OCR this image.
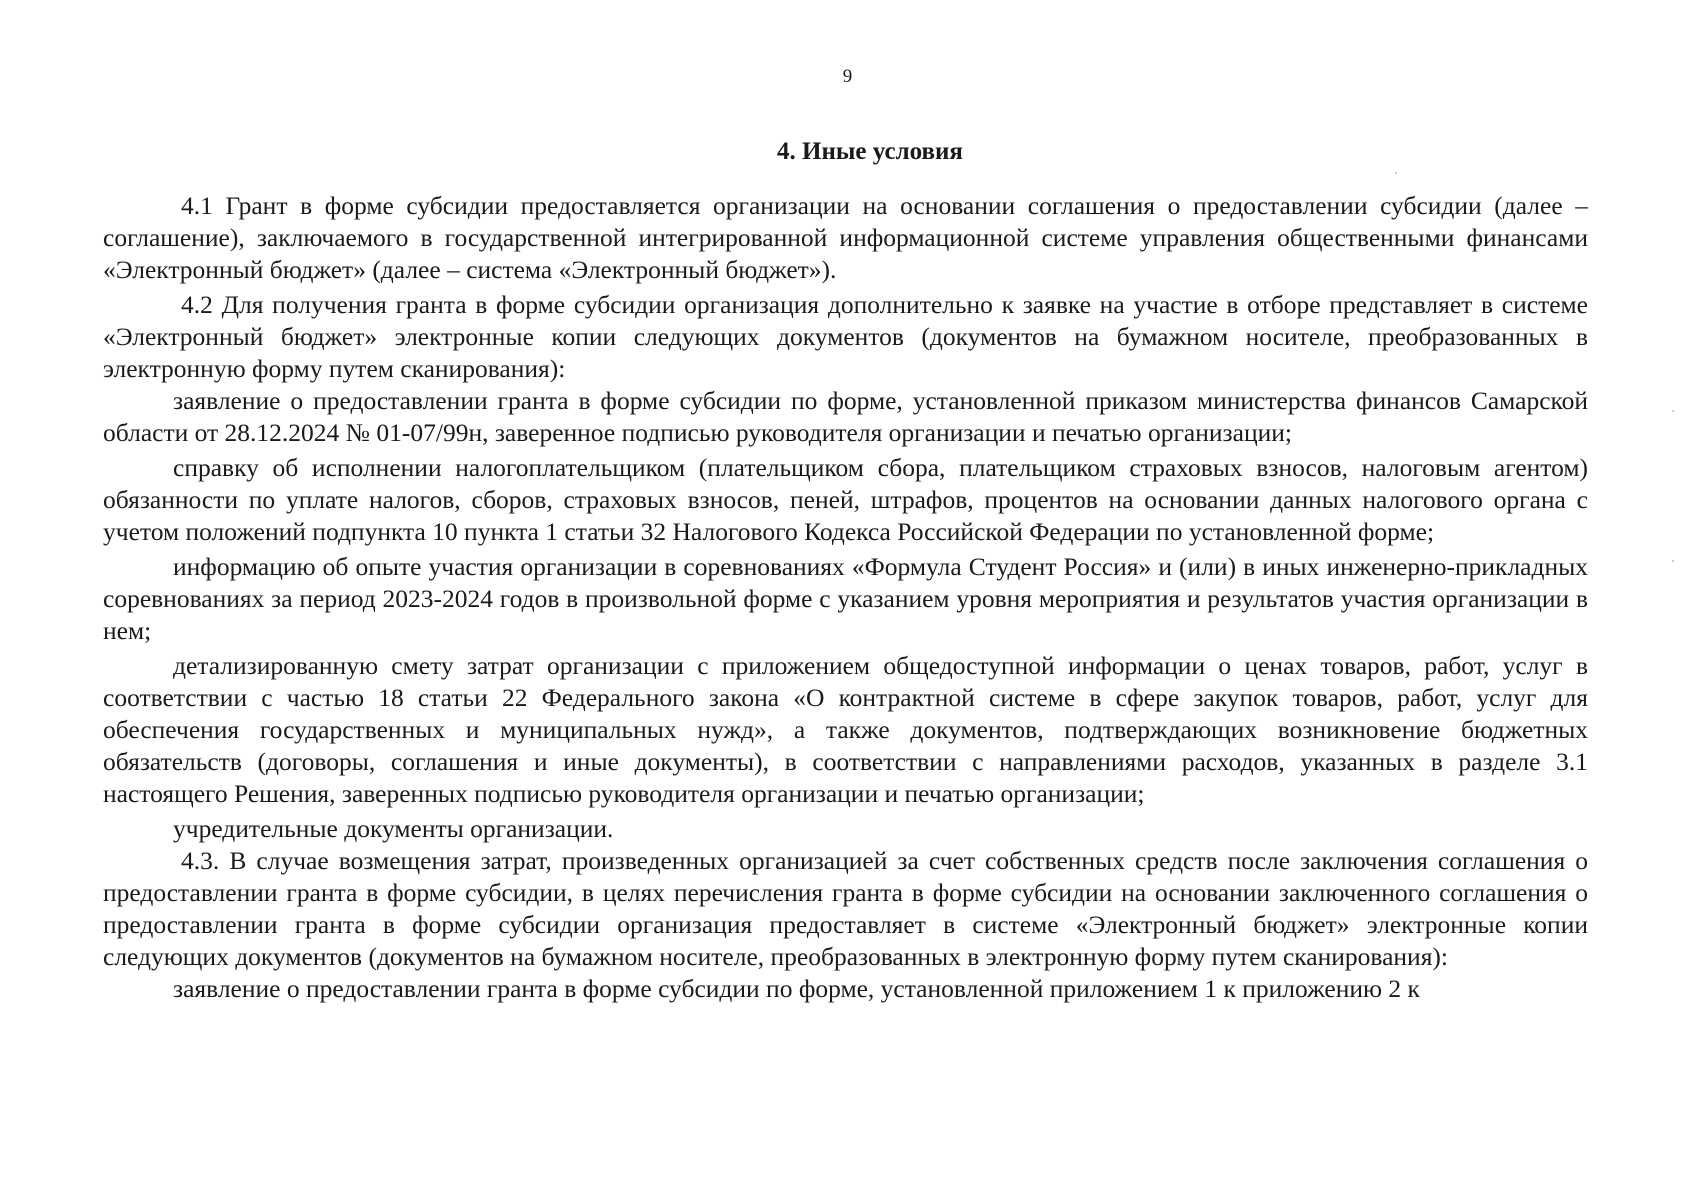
9
4. Иные условия

4.1 Грант в форме субсидии предоставляется организации на основании соглашения о предоставлении субсидии (далее – соглашение), заключаемого в государственной интегрированной информационной системе управления общественными финансами «Электронный бюджет» (далее – система «Электронный бюджет»).

4.2 Для получения гранта в форме субсидии организация дополнительно к заявке на участие в отборе представляет в системе «Электронный бюджет» электронные копии следующих документов (документов на бумажном носителе, преобразованных в электронную форму путем сканирования):

заявление о предоставлении гранта в форме субсидии по форме, установленной приказом министерства финансов Самарской области от 28.12.2024 № 01-07/99н, заверенное подписью руководителя организации и печатью организации;

справку об исполнении налогоплательщиком (плательщиком сбора, плательщиком страховых взносов, налоговым агентом) обязанности по уплате налогов, сборов, страховых взносов, пеней, штрафов, процентов на основании данных налогового органа с учетом положений подпункта 10 пункта 1 статьи 32 Налогового Кодекса Российской Федерации по установленной форме;

информацию об опыте участия организации в соревнованиях «Формула Студент Россия» и (или) в иных инженерно-прикладных соревнованиях за период 2023-2024 годов в произвольной форме с указанием уровня мероприятия и результатов участия организации в нем;

детализированную смету затрат организации с приложением общедоступной информации о ценах товаров, работ, услуг в соответствии с частью 18 статьи 22 Федерального закона «О контрактной системе в сфере закупок товаров, работ, услуг для обеспечения государственных и муниципальных нужд», а также документов, подтверждающих возникновение бюджетных обязательств (договоры, соглашения и иные документы), в соответствии с направлениями расходов, указанных в разделе 3.1 настоящего Решения, заверенных подписью руководителя организации и печатью организации;

учредительные документы организации.

4.3. В случае возмещения затрат, произведенных организацией за счет собственных средств после заключения соглашения о предоставлении гранта в форме субсидии, в целях перечисления гранта в форме субсидии на основании заключенного соглашения о предоставлении гранта в форме субсидии организация предоставляет в системе «Электронный бюджет» электронные копии следующих документов (документов на бумажном носителе, преобразованных в электронную форму путем сканирования):

заявление о предоставлении гранта в форме субсидии по форме, установленной приложением 1 к приложению 2 к
